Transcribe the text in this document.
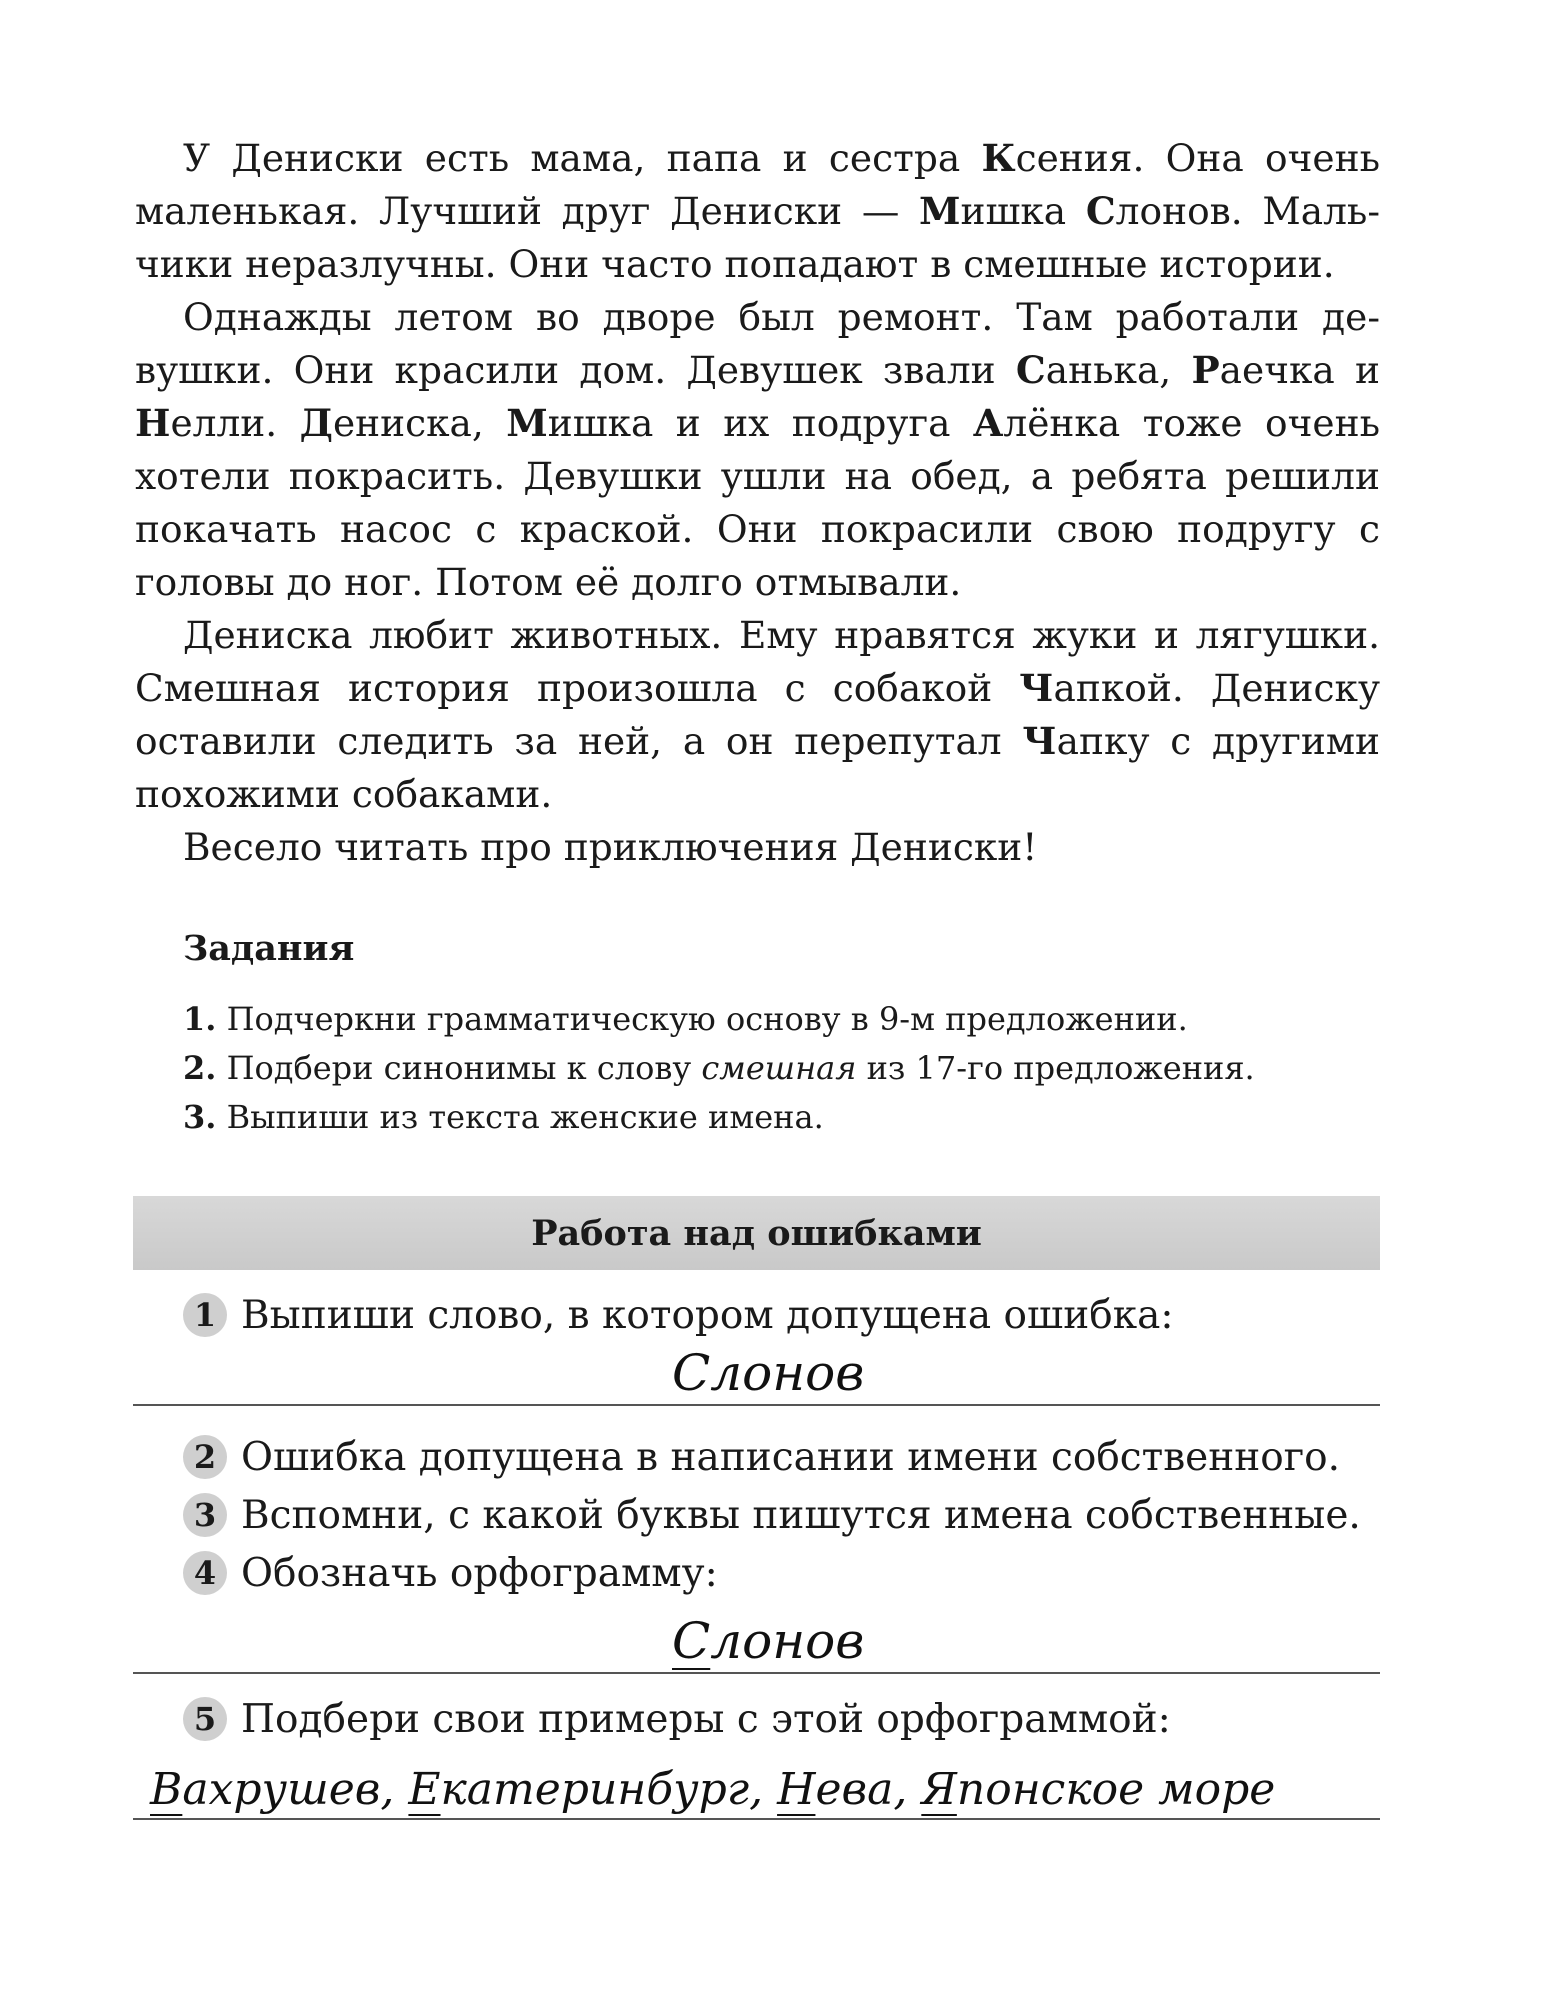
У Дениски есть мама, папа и сестра Ксения. Она очень маленькая. Лучший друг Дениски — Мишка Слонов. Мальчики неразлучны. Они часто попадают в смешные истории.

Однажды летом во дворе был ремонт. Там работали девушки. Они красили дом. Девушек звали Санька, Раечка и Нелли. Дениска, Мишка и их подруга Алёнка тоже очень хотели покрасить. Девушки ушли на обед, а ребята решили покачать насос с краской. Они покрасили свою подругу с головы до ног. Потом её долго отмывали.

Дениска любит животных. Ему нравятся жуки и лягушки. Смешная история произошла с собакой Чапкой. Дениску оставили следить за ней, а он перепутал Чапку с другими похожими собаками.

Весело читать про приключения Дениски!

Задания
1. Подчеркни грамматическую основу в 9-м предложении.
2. Подбери синонимы к слову смешная из 17-го предложения.
3. Выпиши из текста женские имена.
Работа над ошибками
1 Выпиши слово, в котором допущена ошибка:
Слонов
2 Ошибка допущена в написании имени собственного.
3 Вспомни, с какой буквы пишутся имена собственные.
4 Обозначь орфограмму:
Слонов
5 Подбери свои примеры с этой орфограммой:
Вахрушев, Екатеринбург, Нева, Японское море
